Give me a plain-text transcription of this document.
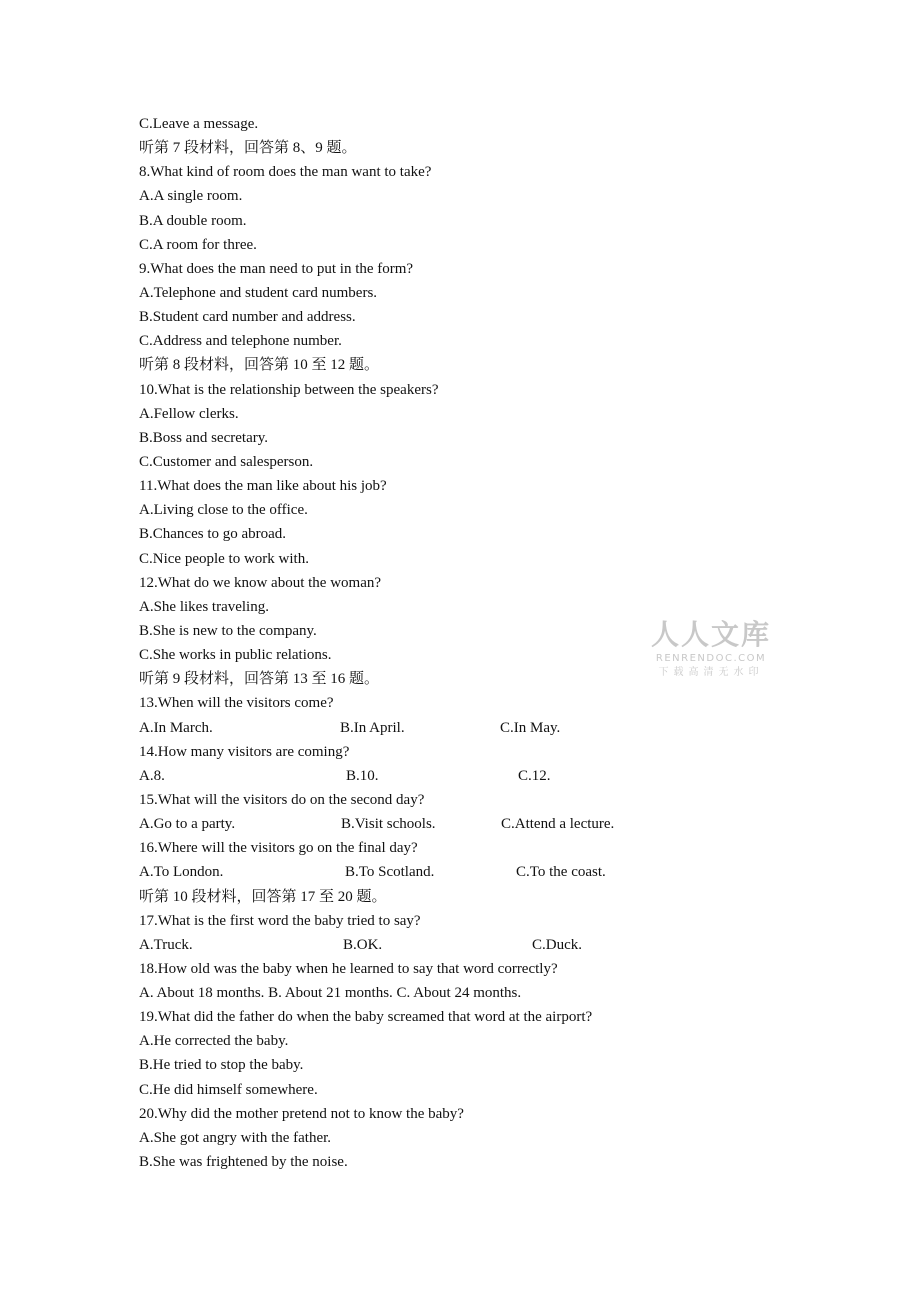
C.Leave a message.
听第 7 段材料，回答第 8、9 题。
8.What kind of room does the man want to take?
A.A single room.
B.A double room.
C.A room for three.
9.What does the man need to put in the form?
A.Telephone and student card numbers.
B.Student card number and address.
C.Address and telephone number.
听第 8 段材料，回答第 10 至 12 题。
10.What is the relationship between the speakers?
A.Fellow clerks.
B.Boss and secretary.
C.Customer and salesperson.
11.What does the man like about his job?
A.Living close to the office.
B.Chances to go abroad.
C.Nice people to work with.
12.What do we know about the woman?
A.She likes traveling.
B.She is new to the company.
C.She works in public relations.
听第 9 段材料，回答第 13 至 16 题。
13.When will the visitors come?
A.In March.	B.In April.	C.In May.
14.How many visitors are coming?
A.8.	B.10.	C.12.
15.What will the visitors do on the second day?
A.Go to a party.	B.Visit schools.	C.Attend a lecture.
16.Where will the visitors go on the final day?
A.To London.	B.To Scotland.	C.To the coast.
听第 10 段材料，回答第 17 至 20 题。
17.What is the first word the baby tried to say?
A.Truck.	B.OK.	C.Duck.
18.How old was the baby when he learned to say that word correctly?
A. About 18 months. B. About 21 months. C. About 24 months.
19.What did the father do when the baby screamed that word at the airport?
A.He corrected the baby.
B.He tried to stop the baby.
C.He did himself somewhere.
20.Why did the mother pretend not to know the baby?
A.She got angry with the father.
B.She was frightened by the noise.
人人文库
RENRENDOC.COM
下载高清无水印
